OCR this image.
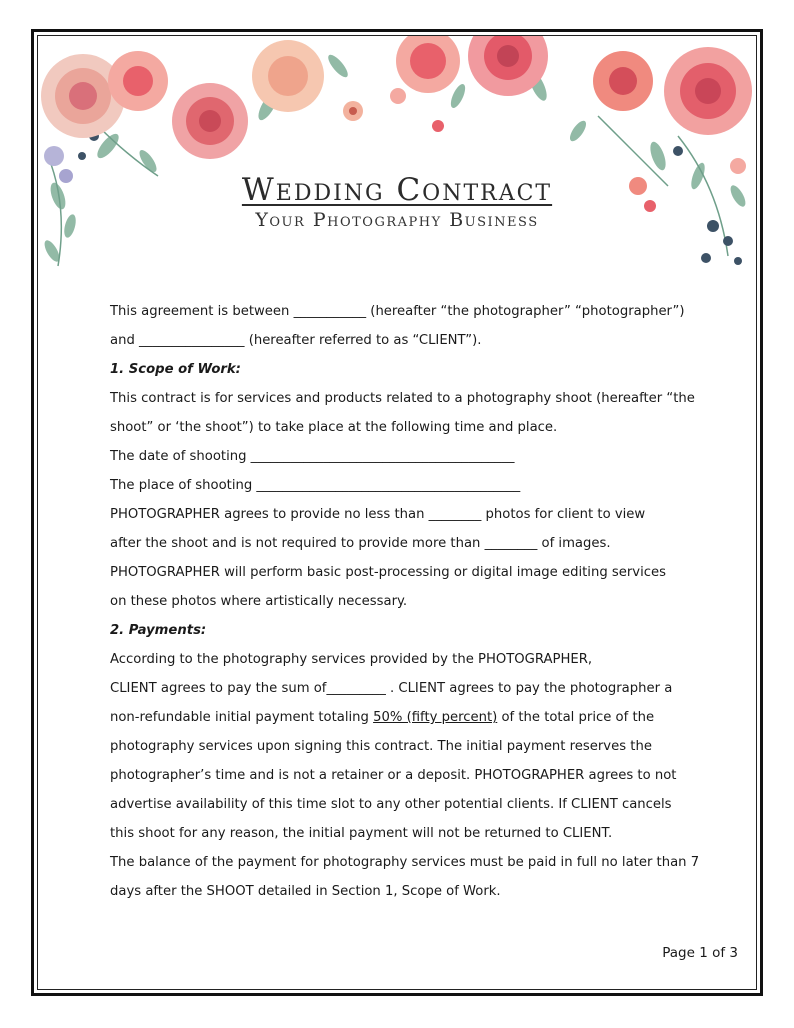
Wedding Contract
Your Photography Business

This agreement is between ___________ (hereafter “the photographer” “photographer”)

and ________________ (hereafter referred to as “CLIENT”).

1. Scope of Work:

This contract is for services and products related to a photography shoot (hereafter “the

shoot” or ‘the shoot”) to take place at the following time and place.

The date of shooting ________________________________________

The place of shooting ________________________________________

PHOTOGRAPHER agrees to provide no less than ________ photos for client to view

after the shoot and is not required to provide more than ________ of images.

PHOTOGRAPHER will perform basic post-processing or digital image editing services

on these photos where artistically necessary.

2. Payments:

According to the photography services provided by the PHOTOGRAPHER,

CLIENT agrees to pay the sum of_________ . CLIENT agrees to pay the photographer a

non-refundable initial payment totaling 50% (fifty percent) of the total price of the

photography services upon signing this contract. The initial payment reserves the

photographer’s time and is not a retainer or a deposit. PHOTOGRAPHER agrees to not

advertise availability of this time slot to any other potential clients. If CLIENT cancels

this shoot for any reason, the initial payment will not be returned to CLIENT.

The balance of the payment for photography services must be paid in full no later than 7

days after the SHOOT detailed in Section 1, Scope of Work.

Page 1 of 3
